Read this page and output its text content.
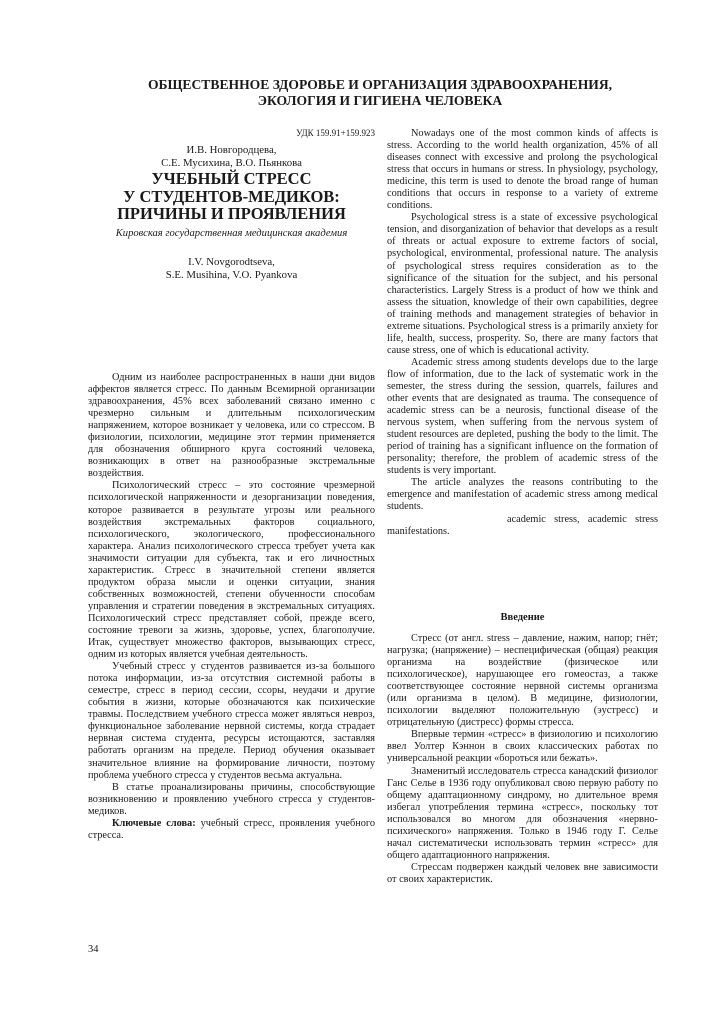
ОБЩЕСТВЕННОЕ ЗДОРОВЬЕ И ОРГАНИЗАЦИЯ ЗДРАВООХРАНЕНИЯ,
ЭКОЛОГИЯ И ГИГИЕНА ЧЕЛОВЕКА
УДК 159.91+159.923
И.В. Новгородцева,
С.Е. Мусихина, В.О. Пьянкова
УЧЕБНЫЙ СТРЕСС
У СТУДЕНТОВ-МЕДИКОВ:
ПРИЧИНЫ И ПРОЯВЛЕНИЯ
Кировская государственная медицинская академия
I.V. Novgorodtseva,
S.E. Musihina, V.O. Pyankova

Одним из наиболее распространенных в наши дни видов аффектов является стресс. По данным Всемирной организации здравоохранения, 45% всех заболеваний связано именно с чрезмерно сильным и длительным психологическим напряжением, которое возникает у человека, или со стрессом. В физиологии, психологии, медицине этот термин применяется для обозначения обширного круга состояний человека, возникающих в ответ на разнообразные экстремальные воздействия.

Психологический стресс – это состояние чрезмерной психологической напряженности и дезорганизации поведения, которое развивается в результате угрозы или реального воздействия экстремальных факторов социального, психологического, экологического, профессионального характера. Анализ психологического стресса требует учета как значимости ситуации для субъекта, так и его личностных характеристик. Стресс в значительной степени является продуктом образа мысли и оценки ситуации, знания собственных возможностей, степени обученности способам управления и стратегии поведения в экстремальных ситуациях. Психологический стресс представляет собой, прежде всего, состояние тревоги за жизнь, здоровье, успех, благополучие. Итак, существует множество факторов, вызывающих стресс, одним из которых является учебная деятельность.

Учебный стресс у студентов развивается из-за большого потока информации, из-за отсутствия системной работы в семестре, стресс в период сессии, ссоры, неудачи и другие события в жизни, которые обозначаются как психические травмы. Последствием учебного стресса может являться невроз, функциональное заболевание нервной системы, когда страдает нервная система студента, ресурсы истощаются, заставляя работать организм на пределе. Период обучения оказывает значительное влияние на формирование личности, поэтому проблема учебного стресса у студентов весьма актуальна.

В статье проанализированы причины, способствующие возникновению и проявлению учебного стресса у студентов-медиков.

Ключевые слова: учебный стресс, проявления учебного стресса.

Nowadays one of the most common kinds of affects is stress. According to the world health organization, 45% of all diseases connect with excessive and prolong the psychological stress that occurs in humans or stress. In physiology, psychology, medicine, this term is used to denote the broad range of human conditions that occurs in response to a variety of extreme conditions.

Psychological stress is a state of excessive psychological tension, and disorganization of behavior that develops as a result of threats or actual exposure to extreme factors of social, psychological, environmental, professional nature. The analysis of psychological stress requires consideration as to the significance of the situation for the subject, and his personal characteristics. Largely Stress is a product of how we think and assess the situation, knowledge of their own capabilities, degree of training methods and management strategies of behavior in extreme situations. Psychological stress is a primarily anxiety for life, health, success, prosperity. So, there are many factors that cause stress, one of which is educational activity.

Academic stress among students develops due to the large flow of information, due to the lack of systematic work in the semester, the stress during the session, quarrels, failures and other events that are designated as trauma. The consequence of academic stress can be a neurosis, functional disease of the nervous system, when suffering from the nervous system of student resources are depleted, pushing the body to the limit. The period of training has a significant influence on the formation of personality; therefore, the problem of academic stress of the students is very important.

The article analyzes the reasons contributing to the emergence and manifestation of academic stress among medical students.

academic stress, academic stress manifestations.

Введение

Стресс (от англ. stress – давление, нажим, напор; гнёт; нагрузка; (напряжение) – неспецифическая (общая) реакция организма на воздействие (физическое или психологическое), нарушающее его гомеостаз, а также соответствующее состояние нервной системы организма (или организма в целом). В медицине, физиологии, психологии выделяют положительную (эустресс) и отрицательную (дистресс) формы стресса.

Впервые термин «стресс» в физиологию и психологию ввел Уолтер Кэннон в своих классических работах по универсальной реакции «бороться или бежать».

Знаменитый исследователь стресса канадский физиолог Ганс Селье в 1936 году опубликовал свою первую работу по общему адаптационному синдрому, но длительное время избегал употребления термина «стресс», поскольку тот использовался во многом для обозначения «нервно-психического» напряжения. Только в 1946 году Г. Селье начал систематически использовать термин «стресс» для общего адаптационного напряжения.

Стрессам подвержен каждый человек вне зависимости от своих характеристик.

34
